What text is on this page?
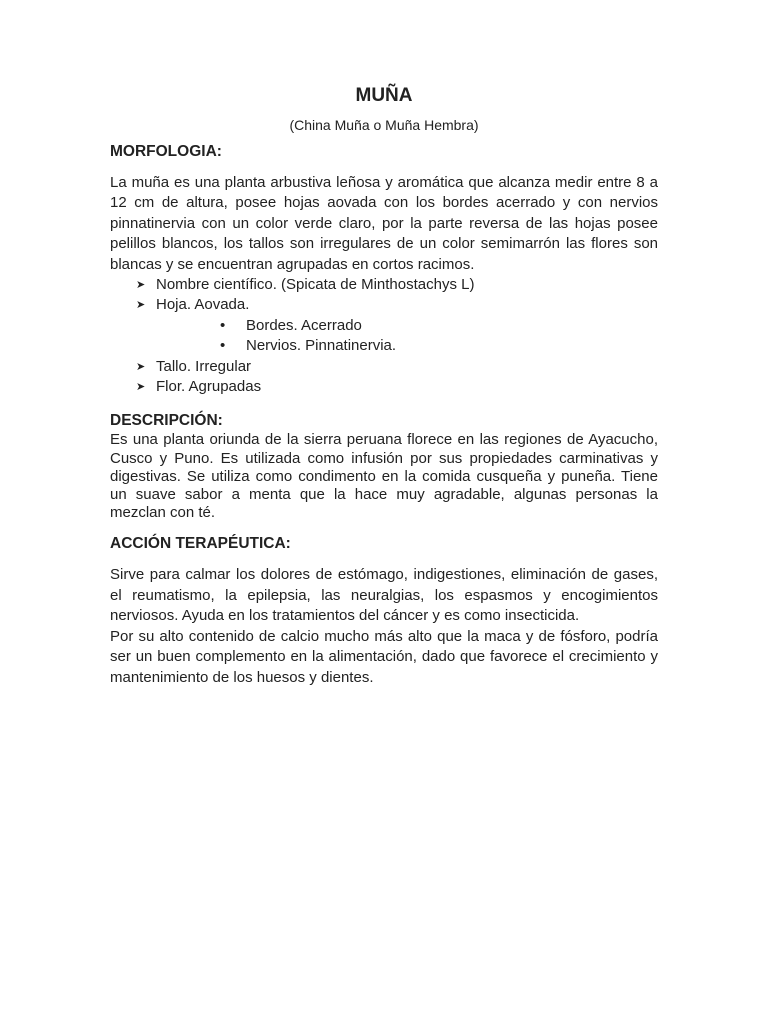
MUÑA
(China Muña o Muña Hembra)
MORFOLOGIA:

La muña es una planta arbustiva leñosa y aromática que alcanza medir entre 8 a 12 cm de altura, posee hojas aovada con los bordes acerrado y con nervios pinnatinervia con un color verde claro, por la parte reversa de las hojas posee pelillos blancos, los tallos son irregulares de un color semimarrón las flores son blancas y se encuentran agrupadas en cortos racimos.

➤ Nombre científico. (Spicata de Minthostachys L)
➤ Hoja. Aovada.
• Bordes. Acerrado
• Nervios. Pinnatinervia.
➤ Tallo. Irregular
➤ Flor. Agrupadas
DESCRIPCIÓN:

Es una planta oriunda de la sierra peruana florece en las regiones de Ayacucho, Cusco y Puno. Es utilizada como infusión por sus propiedades carminativas y digestivas. Se utiliza como condimento en la comida cusqueña y puneña. Tiene un suave sabor a menta que la hace muy agradable, algunas personas la mezclan con té.

ACCIÓN TERAPÉUTICA:

Sirve para calmar los dolores de estómago, indigestiones, eliminación de gases, el reumatismo, la epilepsia, las neuralgias, los espasmos y encogimientos nerviosos. Ayuda en los tratamientos del cáncer y es como insecticida.

Por su alto contenido de calcio mucho más alto que la maca y de fósforo, podría ser un buen complemento en la alimentación, dado que favorece el crecimiento y mantenimiento de los huesos y dientes.
